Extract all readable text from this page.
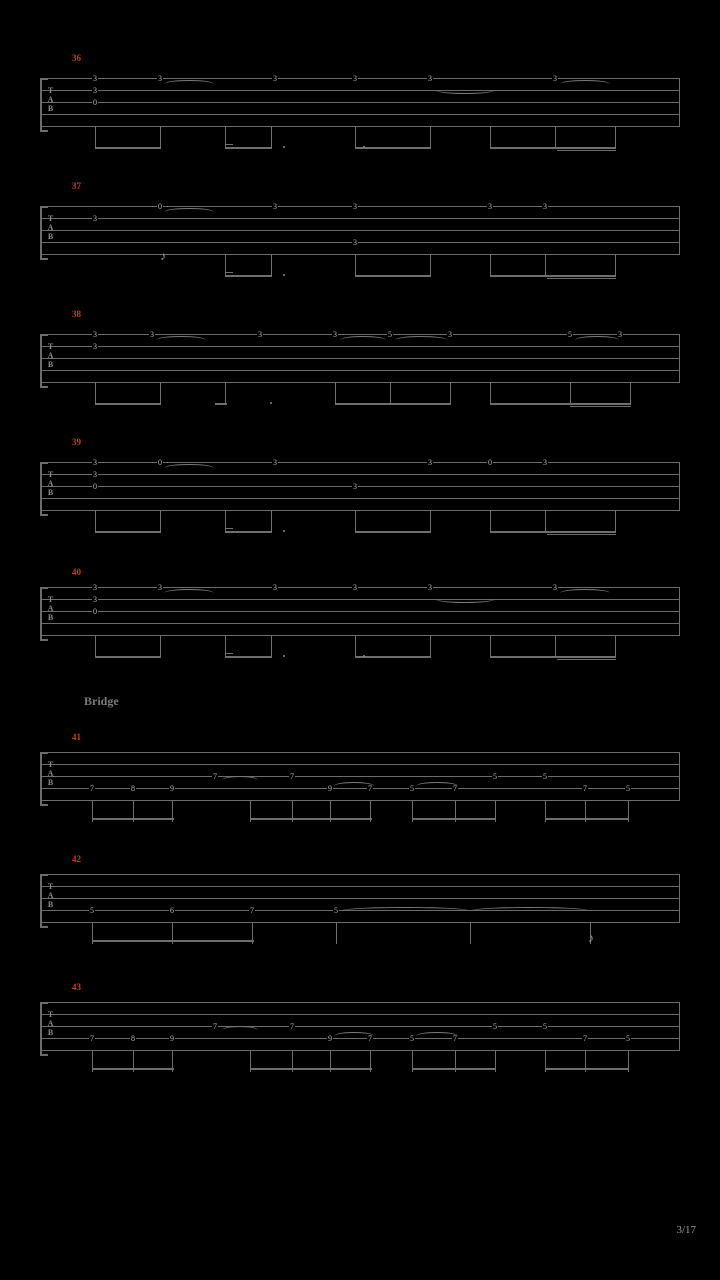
36
T
A
B
3
3
0
3	3	3	3	3
37
T
A
B
3
0	3	3
3
3	3
♪
38
T
A
B
3
3
3	3	3	5	3	5	3
39
T
A
B
3
3
0
0	3
3
3	0	3
40
T
A
B
3
3
0
3	3	3	3	3
Bridge
41
T
A
B
7	8	9
7	7
9	7	5	7
5	5
7	5
42
T
A
B
5	6	7	5
♪
43
T
A
B
7	8	9
7	7
9	7	5	7
5	5
7	5
3/17
